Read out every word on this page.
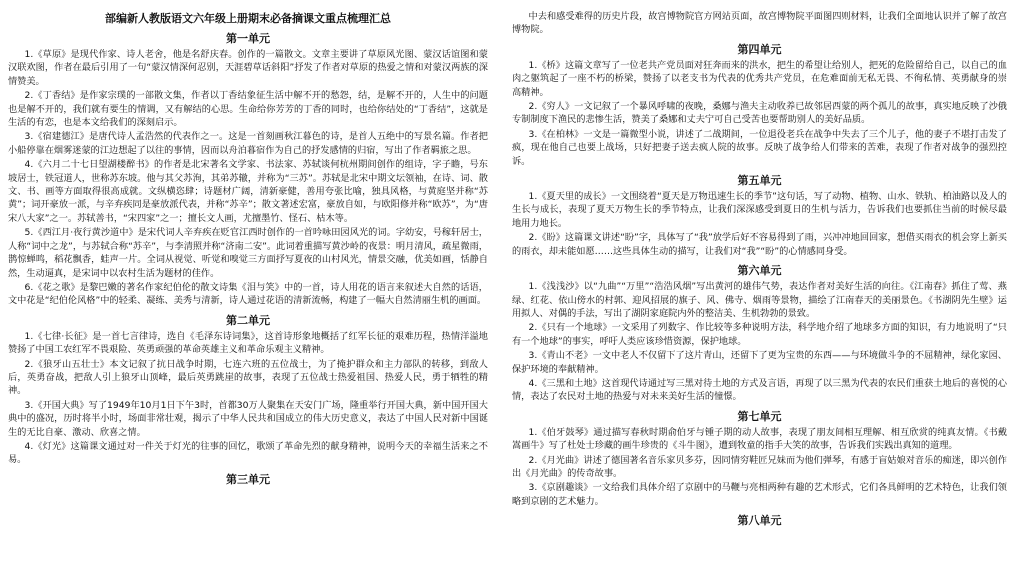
部编新人教版语文六年级上册期末必备摘课文重点梳理汇总
第一单元
1.《草原》是现代作家、诗人老舍，他是名舒庆春。创作的一篇散文。文章主要讲了草原风光图、蒙汉话谊图和蒙汉联欢图，作者在最后引用了一句“蒙汉情深何忍别，天涯碧草话斜阳”抒发了作者对草原的热爱之情和对蒙汉两族的深情赞美。
2.《丁香结》是作家宗璞的一部散文集，作者以丁香结象征生活中解不开的愁怨，结，是解不开的，人生中的问题也是解不开的，我们就有要生的情调，又有解结的心思。生命给你芳芳的丁香的同时，也给你结处的“丁香结”，这就是生活的有恋，也是本文给我们的深刻启示。
3.《宿建德江》是唐代诗人孟浩然的代表作之一。这是一首刻画秋江暮色的诗，是首人五绝中的写景名篇。作者把小船停靠在烟雾迷蒙的江边想起了以往的事情，因而以舟泊暮宿作为自己的抒发感情的归宿，写出了作者羁旅之思。
4.《六月二十七日望湖楼醉书》的作者是北宋著名文学家、书法家、苏轼谈何杭州期间创作的组诗，字子瞻，号东坡居士，铁冠道人，世称苏东坡。他与其父苏洵，其弟苏辙，并称为“三苏”。苏轼是北宋中期文坛领袖，在诗、词、散文、书、画等方面取得很高成就。文纵横恣肆；诗题材广阔，清新豪健，善用夸张比喻，独具风格，与黄庭坚并称“苏黄”；词开豪放一派，与辛弃疾同是豪放派代表，并称“苏辛”；散文著述宏富，豪放自如，与欧阳修并称“欧苏”，为“唐宋八大家”之一。苏轼善书，“宋四家”之一；擅长文人画，尤擅墨竹、怪石、枯木等。
5.《西江月·夜行黄沙道中》是宋代词人辛弃疾在贬官江西时创作的一首吟咏田园风光的词。字幼安，号稼轩居士，人称“词中之龙”，与苏轼合称“苏辛”，与李清照并称“济南二安”。此词着重描写黄沙岭的夜景：明月清风，疏星微雨，鹊惊蝉鸣，稻花飘香，蛙声一片。全词从视觉、听觉和嗅觉三方面抒写夏夜的山村风光，情景交融，优美如画，恬静自然，生动逼真，是宋词中以农村生活为题材的佳作。
6.《花之歌》是黎巴嫩的著名作家纪伯伦的散文诗集《泪与笑》中的一首，诗人用花的语言来叙述大自然的话语，文中花是“纪伯伦风格”中的轻柔、凝练、美秀与清新，诗人通过花语的清新流畅，构建了一幅大自然清丽生机的画面。
第二单元
1.《七律·长征》是一首七言律诗，选自《毛泽东诗词集》，这首诗形象地概括了红军长征的艰难历程，热情洋溢地赞扬了中国工农红军不畏艰险、英勇顽强的革命英雄主义和革命乐观主义精神。
2.《狼牙山五壮士》本文记叙了抗日战争时期，七连六班的五位战士，为了掩护群众和主力部队的转移，到敌人后，英勇奋战，把敌人引上狼牙山顶峰，最后英勇跳崖的故事，表现了五位战士热爱祖国、热爱人民，勇于牺牲的精神。
3.《开国大典》写了1949年10月1日下午3时，首都30万人聚集在天安门广场，隆重举行开国大典，新中国开国大典中的盛况，历时将半小时，场面非常壮观，揭示了中华人民共和国成立的伟大历史意义，表达了中国人民对新中国诞生的无比自豪、激动、欣喜之情。
4.《灯光》这篇课文通过对一件关于灯光的往事的回忆，歌颂了革命先烈的献身精神，说明今天的幸福生活来之不易。
第三单元
中去和感受难得的历史片段，故宫博物院官方网站页面，故宫博物院平面图四则材料，让我们全面地认识并了解了故宫博物院。
第四单元
1.《桥》这篇文章写了一位老共产党员面对狂奔而来的洪水，把生的希望让给别人，把死的危险留给自己，以自己的血肉之躯筑起了一座不朽的桥梁，赞扬了以老支书为代表的优秀共产党员，在危难面前无私无畏、不徇私情、英勇献身的崇高精神。
2.《穷人》一文记叙了一个暴风呼啸的夜晚，桑娜与渔夫主动收养已故邻居西蒙的两个孤儿的故事，真实地反映了沙俄专制制度下渔民的悲惨生活，赞美了桑娜和丈夫宁可自己受苦也要帮助别人的美好品质。
3.《在柏林》一文是一篇微型小说，讲述了二战期间，一位退役老兵在战争中失去了三个儿子，他的妻子不堪打击发了疯，现在他自己也要上战场，只好把妻子送去疯人院的故事。反映了战争给人们带来的苦难，表现了作者对战争的强烈控诉。
第五单元
1.《夏天里的成长》一文围绕着“夏天是万物迅速生长的季节”这句话，写了动物、植物、山水、铁轨、柏油路以及人的生长与成长，表现了夏天万物生长的季节特点，让我们深深感受到夏日的生机与活力，告诉我们也要抓住当前的时候尽最地用力地长。
2.《盼》这篇课文讲述“盼”字，具体写了“我”放学后好不容易得到了雨，兴冲冲地回回家，想借买雨衣的机会穿上新买的雨衣，却未能如愿……这些具体生动的描写，让我们对“我”“盼”的心情感同身受。
第六单元
1.《浅浅沙》以“九曲”“万里”“浩浩风烟”写出黄河的雄伟气势，表达作者对美好生活的向往。《江南春》抓住了莺、燕绿、红花、依山傍水的村郭、迎风招展的旗子、风、佛寺、烟雨等景物，描绘了江南春天的美丽景色。《书湖阴先生壁》运用拟人、对偶的手法，写出了湖阴家庭院内外的整洁美、生机勃勃的景致。
2.《只有一个地球》一文采用了列数字、作比较等多种说明方法，科学地介绍了地球多方面的知识，有力地说明了“只有一个地球”的事实，呼吁人类应该珍惜资源，保护地球。
3.《青山不老》一文中老人不仅留下了这片青山，还留下了更为宝贵的东西——与环境做斗争的不屈精神，绿化家园、保护环境的奉献精神。
4.《三黑和土地》这首现代诗通过写三黑对待土地的方式及言语，再现了以三黑为代表的农民们重获土地后的喜悦的心情，表达了农民对土地的热爱与对未来美好生活的憧憬。
第七单元
1.《伯牙鼓琴》通过描写春秋时期俞伯牙与锺子期的动人故事，表现了朋友间相互理解、相互欣赏的纯真友情。《书戴嵩画牛》写了杜处士珍藏的画牛珍贵的《斗牛图》，遭到牧童的指手大笑的故事，告诉我们实践出真知的道理。
2.《月光曲》讲述了德国著名音乐家贝多芬，因同情穷鞋匠兄妹而为他们弹琴，有感于盲姑娘对音乐的痴迷，即兴创作出《月光曲》的传奇故事。
3.《京剧趣谈》一文给我们具体介绍了京剧中的马鞭与亮相两种有趣的艺术形式，它们各具鲜明的艺术特色，让我们领略到京剧的艺术魅力。
第八单元
